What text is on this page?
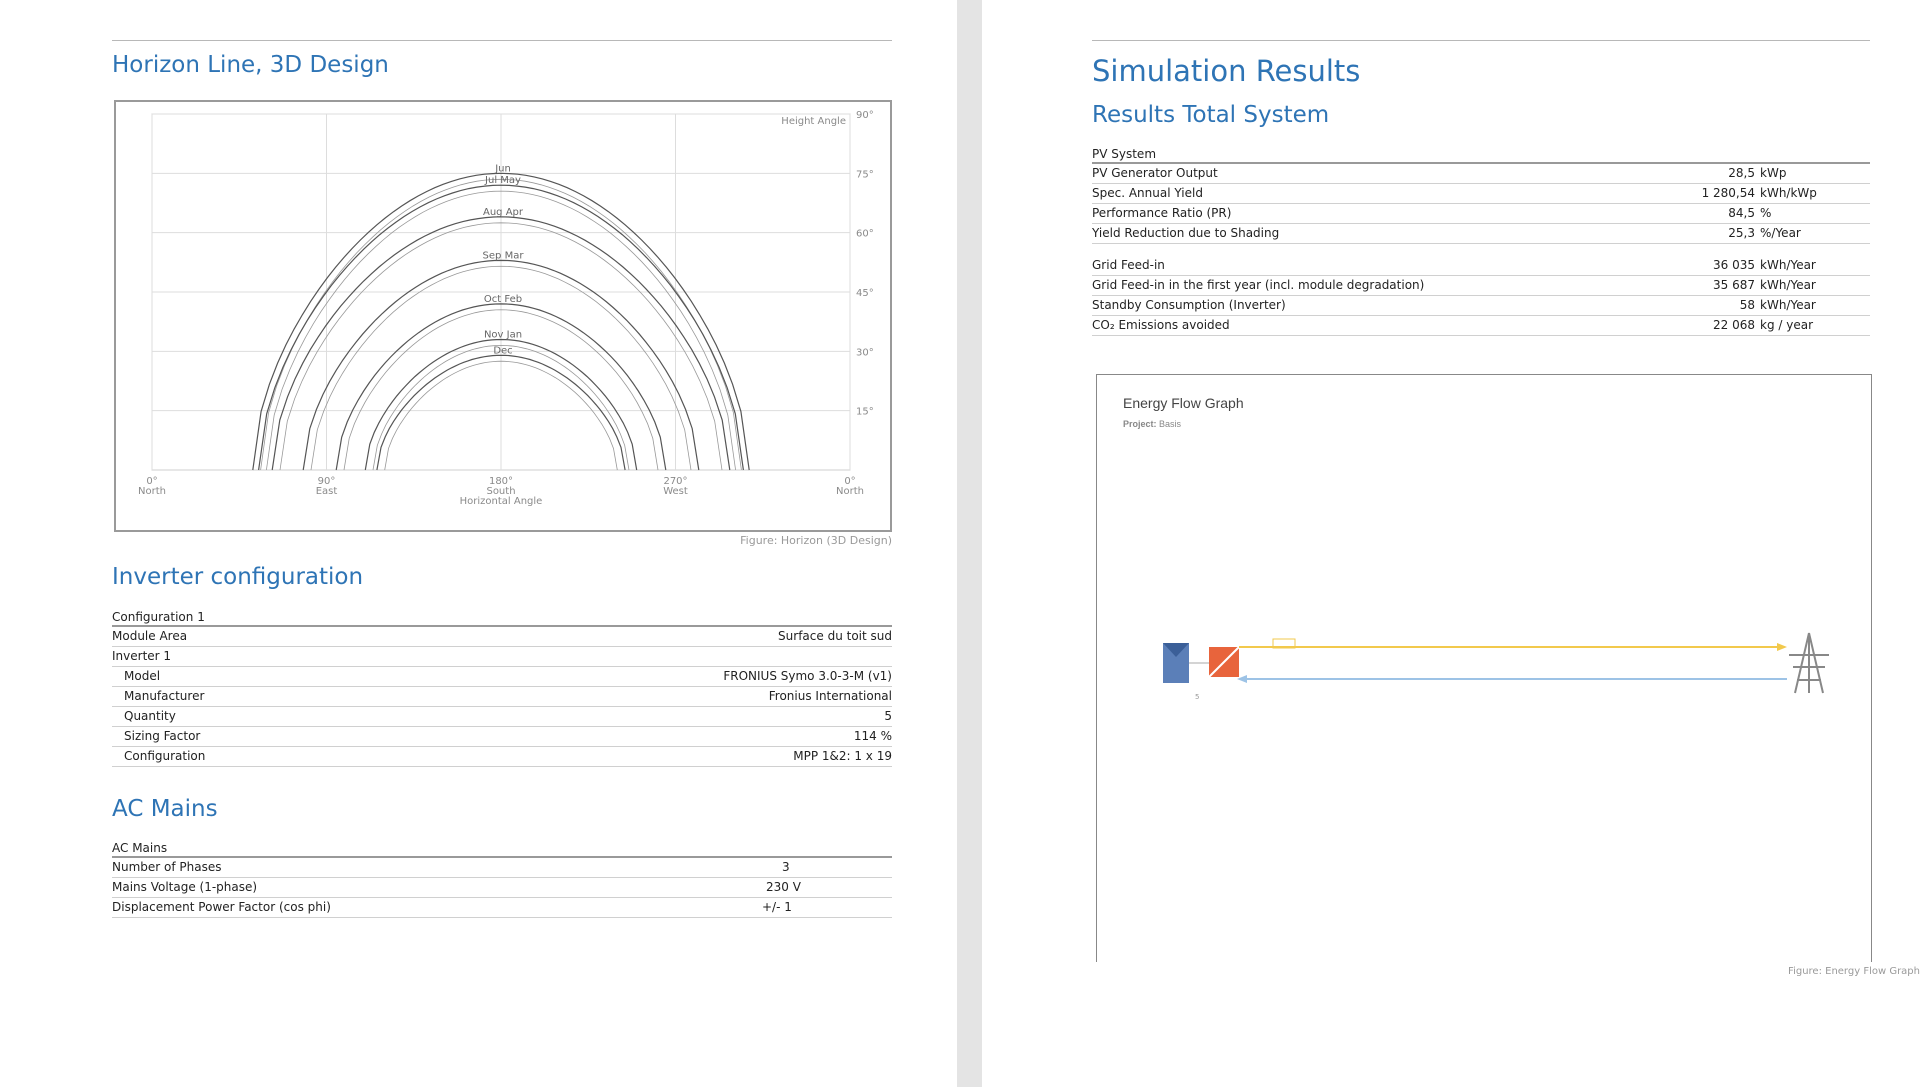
Horizon Line, 3D Design
15°
30°
45°
60°
75°
90°
0°
North
90°
East
180°
South
270°
West
0°
North
Horizontal Angle
Height Angle
Jun
Jul May
Aug Apr
Sep Mar
Oct Feb
Nov Jan
Dec
Figure: Horizon (3D Design)
Inverter configuration
Configuration 1
Module Area	Surface du toit sud
Inverter 1
Model	FRONIUS Symo 3.0-3-M (v1)
Manufacturer	Fronius International
Quantity	5
Sizing Factor	114 %
Configuration	MPP 1&2: 1 x 19
AC Mains
AC Mains
Number of Phases	3
Mains Voltage (1-phase)	230 V
Displacement Power Factor (cos phi)	+/- 1
Simulation Results
Results Total System
PV System
PV Generator Output	28,5 kWp
Spec. Annual Yield	1 280,54 kWh/kWp
Performance Ratio (PR)	84,5 %
Yield Reduction due to Shading	25,3 %/Year
Grid Feed-in	36 035 kWh/Year
Grid Feed-in in the first year (incl. module degradation)	35 687 kWh/Year
Standby Consumption (Inverter)	58 kWh/Year
CO₂ Emissions avoided	22 068 kg / year
Energy Flow Graph
Project: Basis
5
Figure: Energy Flow Graph
